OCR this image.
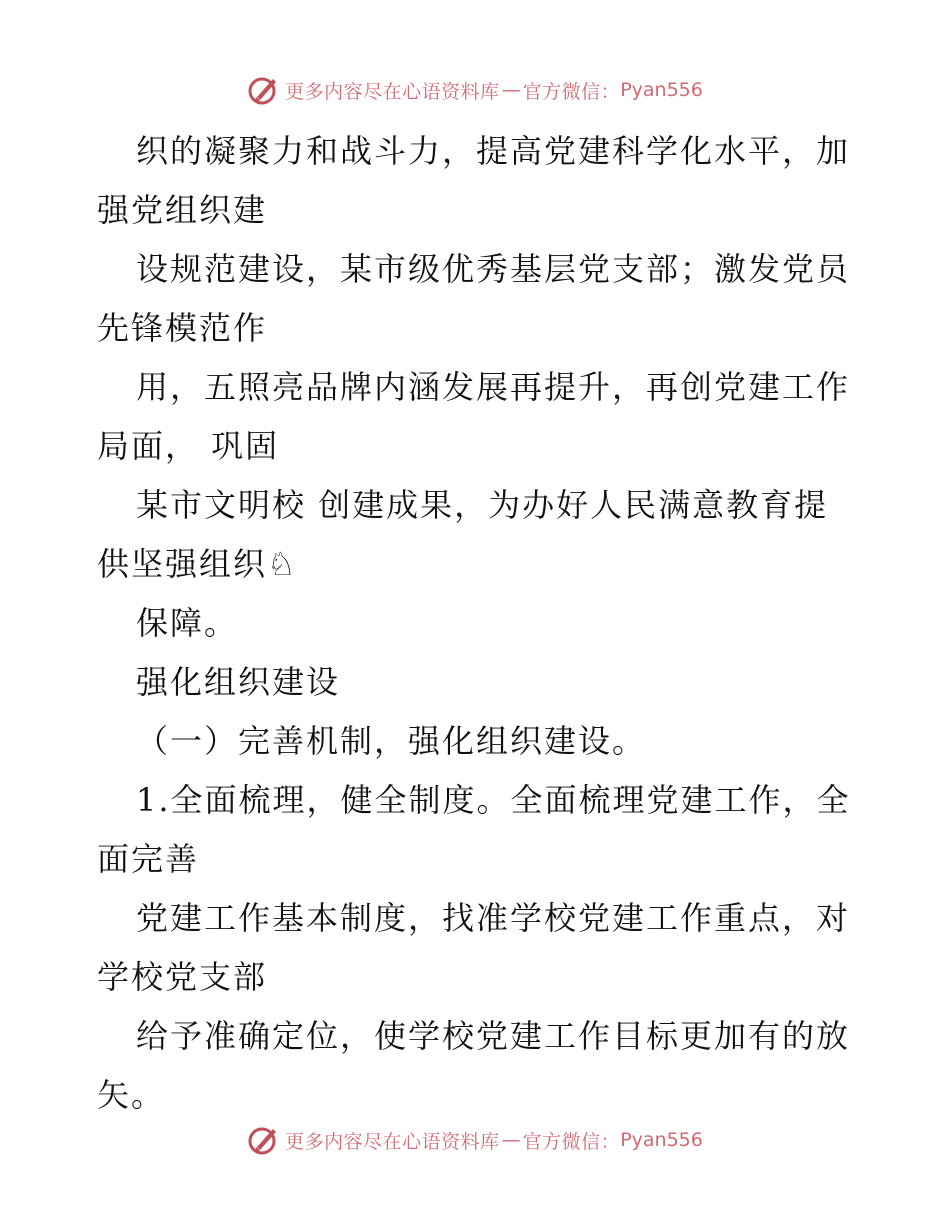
更多内容尽在心语资料库 — 官方微信： Pyan556
织的凝聚力和战斗力，提高党建科学化水平，加
强党组织建
设规范建设，某市级优秀基层党支部；激发党员
先锋模范作
用，五照亮品牌内涵发展再提升，再创党建工作
局面， 巩固
某市文明校 创建成果，为办好人民满意教育提
供坚强组织♘
保障。
强化组织建设
（一）完善机制，强化组织建设。
1.全面梳理，健全制度。全面梳理党建工作，全
面完善
党建工作基本制度，找准学校党建工作重点，对
学校党支部
给予准确定位，使学校党建工作目标更加有的放
矢。
更多内容尽在心语资料库 — 官方微信： Pyan556
